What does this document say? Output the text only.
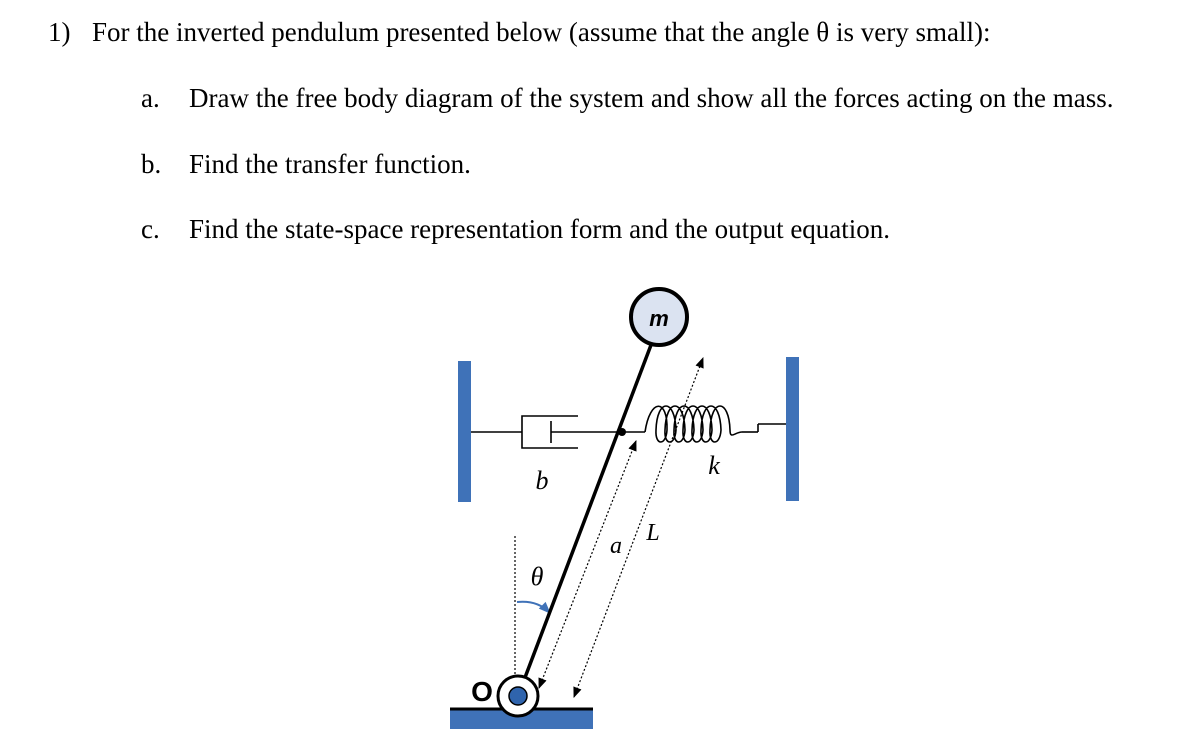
1) For the inverted pendulum presented below (assume that the angle θ is very small):
a. Draw the free body diagram of the system and show all the forces acting on the mass.
b. Find the transfer function.
c. Find the state-space representation form and the output equation.
m
k
b
θ
a L
O
